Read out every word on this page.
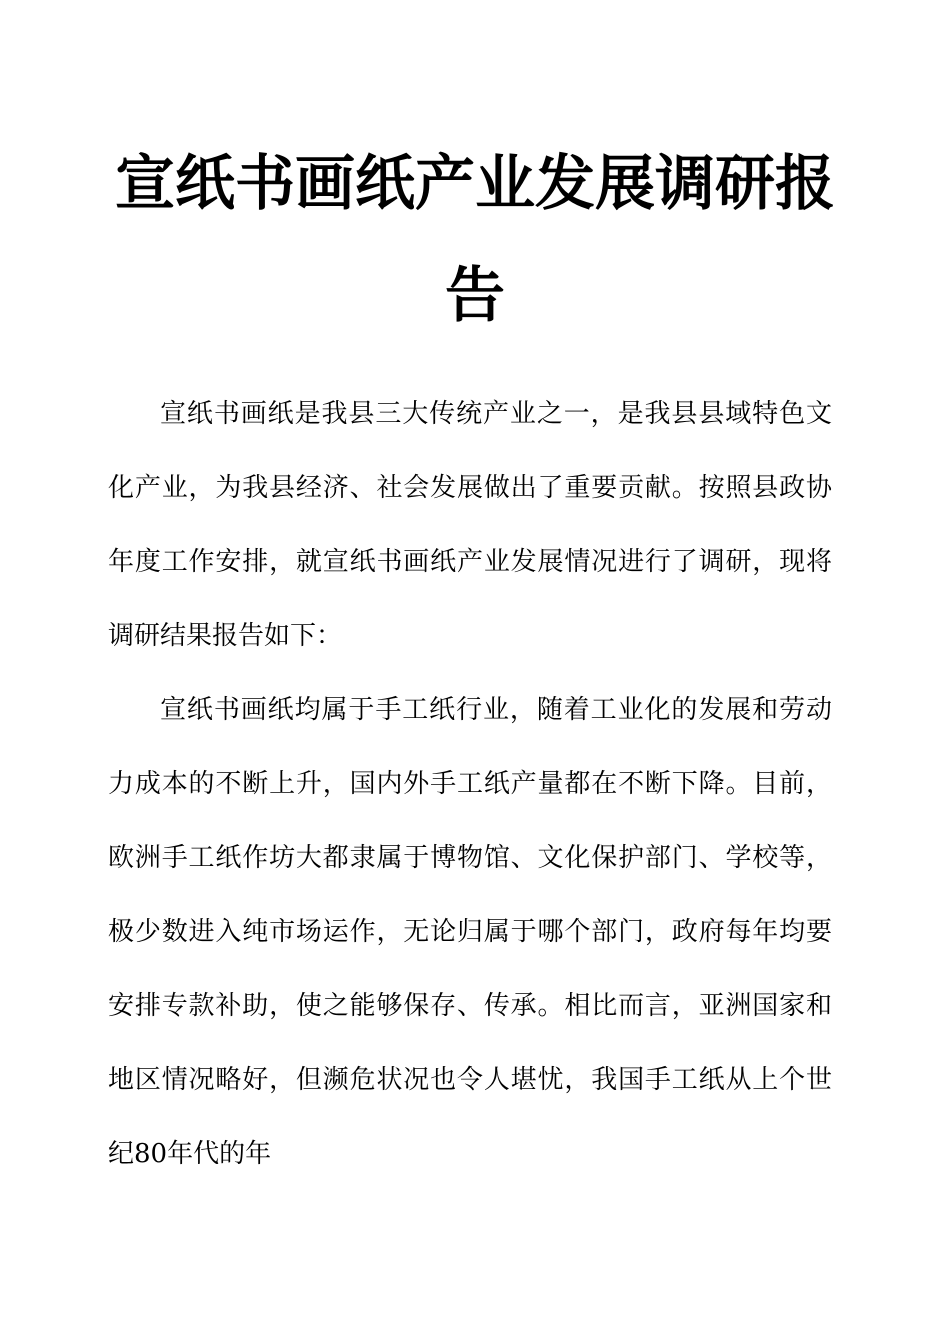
宣纸书画纸产业发展调研报告

宣纸书画纸是我县三大传统产业之一，是我县县域特色文化产业，为我县经济、社会发展做出了重要贡献。按照县政协年度工作安排，就宣纸书画纸产业发展情况进行了调研，现将调研结果报告如下：

宣纸书画纸均属于手工纸行业，随着工业化的发展和劳动力成本的不断上升，国内外手工纸产量都在不断下降。目前，欧洲手工纸作坊大都隶属于博物馆、文化保护部门、学校等，极少数进入纯市场运作，无论归属于哪个部门，政府每年均要安排专款补助，使之能够保存、传承。相比而言，亚洲国家和地区情况略好，但濒危状况也令人堪忧，我国手工纸从上个世纪80年代的年
